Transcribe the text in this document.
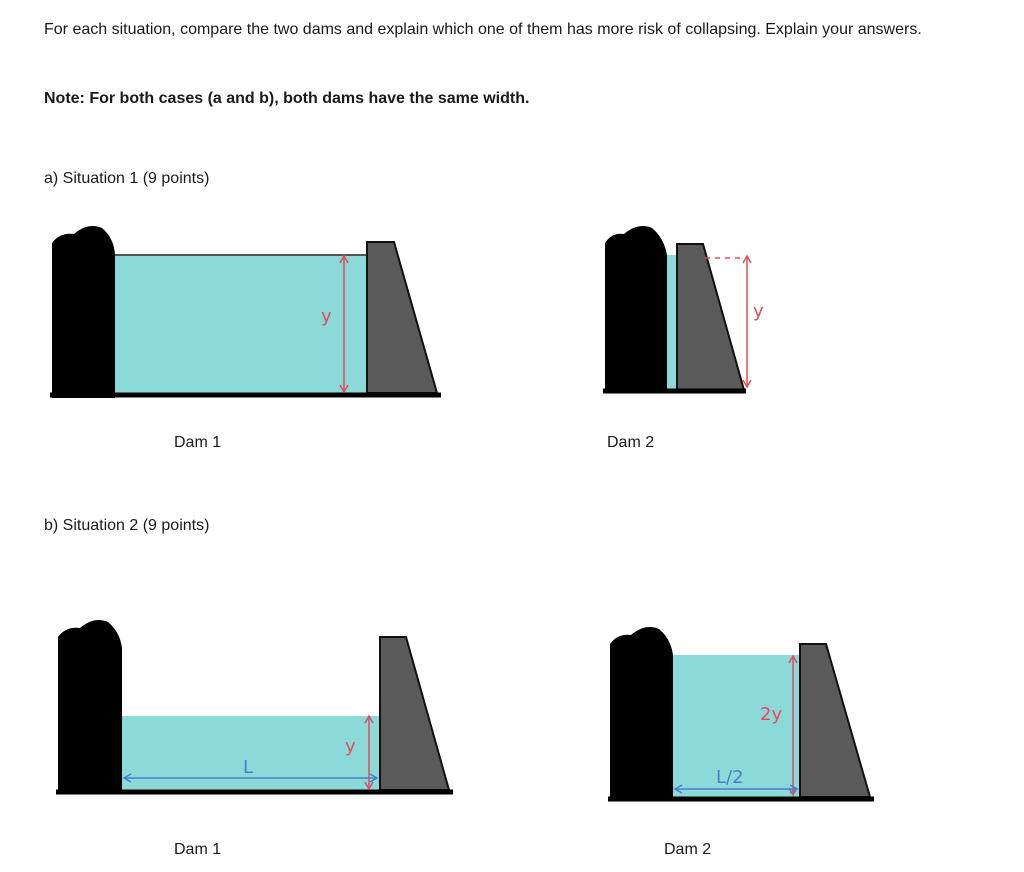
For each situation, compare the two dams and explain which one of them has more risk of collapsing. Explain your answers.
Note: For both cases (a and b), both dams have the same width.
a) Situation 1 (9 points)
y	y
Dam 1	Dam 2
b) Situation 2 (9 points)
y
L
2y
L/2
Dam 1	Dam 2
